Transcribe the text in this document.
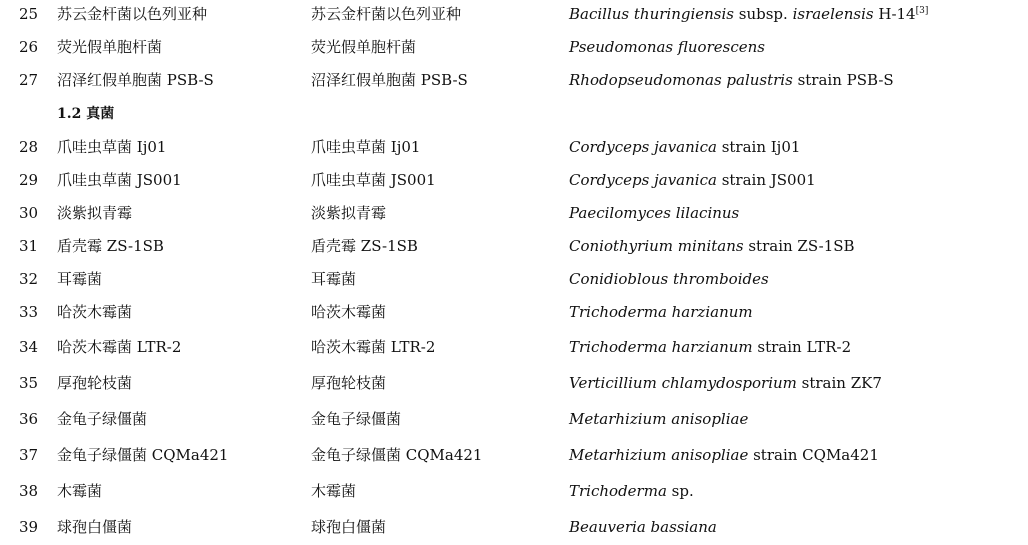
25	苏云金杆菌以色列亚种	苏云金杆菌以色列亚种	Bacillus thuringiensis subsp. israelensis H-14[3]
26	荧光假单胞杆菌	荧光假单胞杆菌	Pseudomonas fluorescens
27	沼泽红假单胞菌 PSB-S	沼泽红假单胞菌 PSB-S	Rhodopseudomonas palustris strain PSB-S
1.2 真菌
28	爪哇虫草菌 Ij01	爪哇虫草菌 Ij01	Cordyceps javanica strain Ij01
29	爪哇虫草菌 JS001	爪哇虫草菌 JS001	Cordyceps javanica strain JS001
30	淡紫拟青霉	淡紫拟青霉	Paecilomyces lilacinus
31	盾壳霉 ZS-1SB	盾壳霉 ZS-1SB	Coniothyrium minitans strain ZS-1SB
32	耳霉菌	耳霉菌	Conidioblous thromboides
33	哈茨木霉菌	哈茨木霉菌	Trichoderma harzianum
34	哈茨木霉菌 LTR-2	哈茨木霉菌 LTR-2	Trichoderma harzianum strain LTR-2
35	厚孢轮枝菌	厚孢轮枝菌	Verticillium chlamydosporium strain ZK7
36	金龟子绿僵菌	金龟子绿僵菌	Metarhizium anisopliae
37	金龟子绿僵菌 CQMa421	金龟子绿僵菌 CQMa421	Metarhizium anisopliae strain CQMa421
38	木霉菌	木霉菌	Trichoderma sp.
39	球孢白僵菌	球孢白僵菌	Beauveria bassiana
